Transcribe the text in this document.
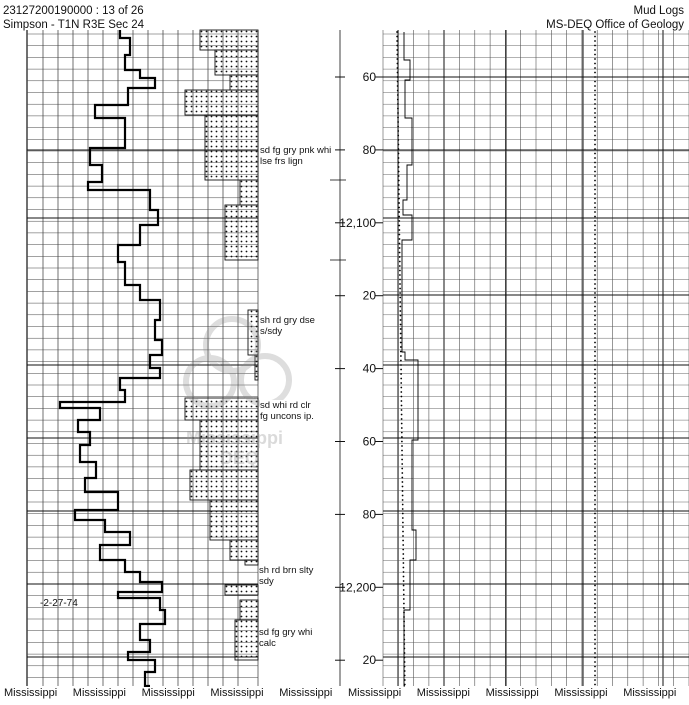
23127200190000 : 13 of 26
Simpson - T1N R3E Sec 24
Mud Logs
MS-DEQ Office of Geology
60
80
12,100
20
40
60
80
12,200
20
sd fg gry pnk whi
lse frs lign
sh rd gry dse
s/sdy
sd whi rd clr
fg uncons ip.
sh rd brn slty
sdy
sd fg gry whi
calc
-2-27-74
Mississippi
DEQ
Mississippi Mississippi Mississippi Mississippi Mississippi Mississippi Mississippi Mississippi Mississippi Mississippi
